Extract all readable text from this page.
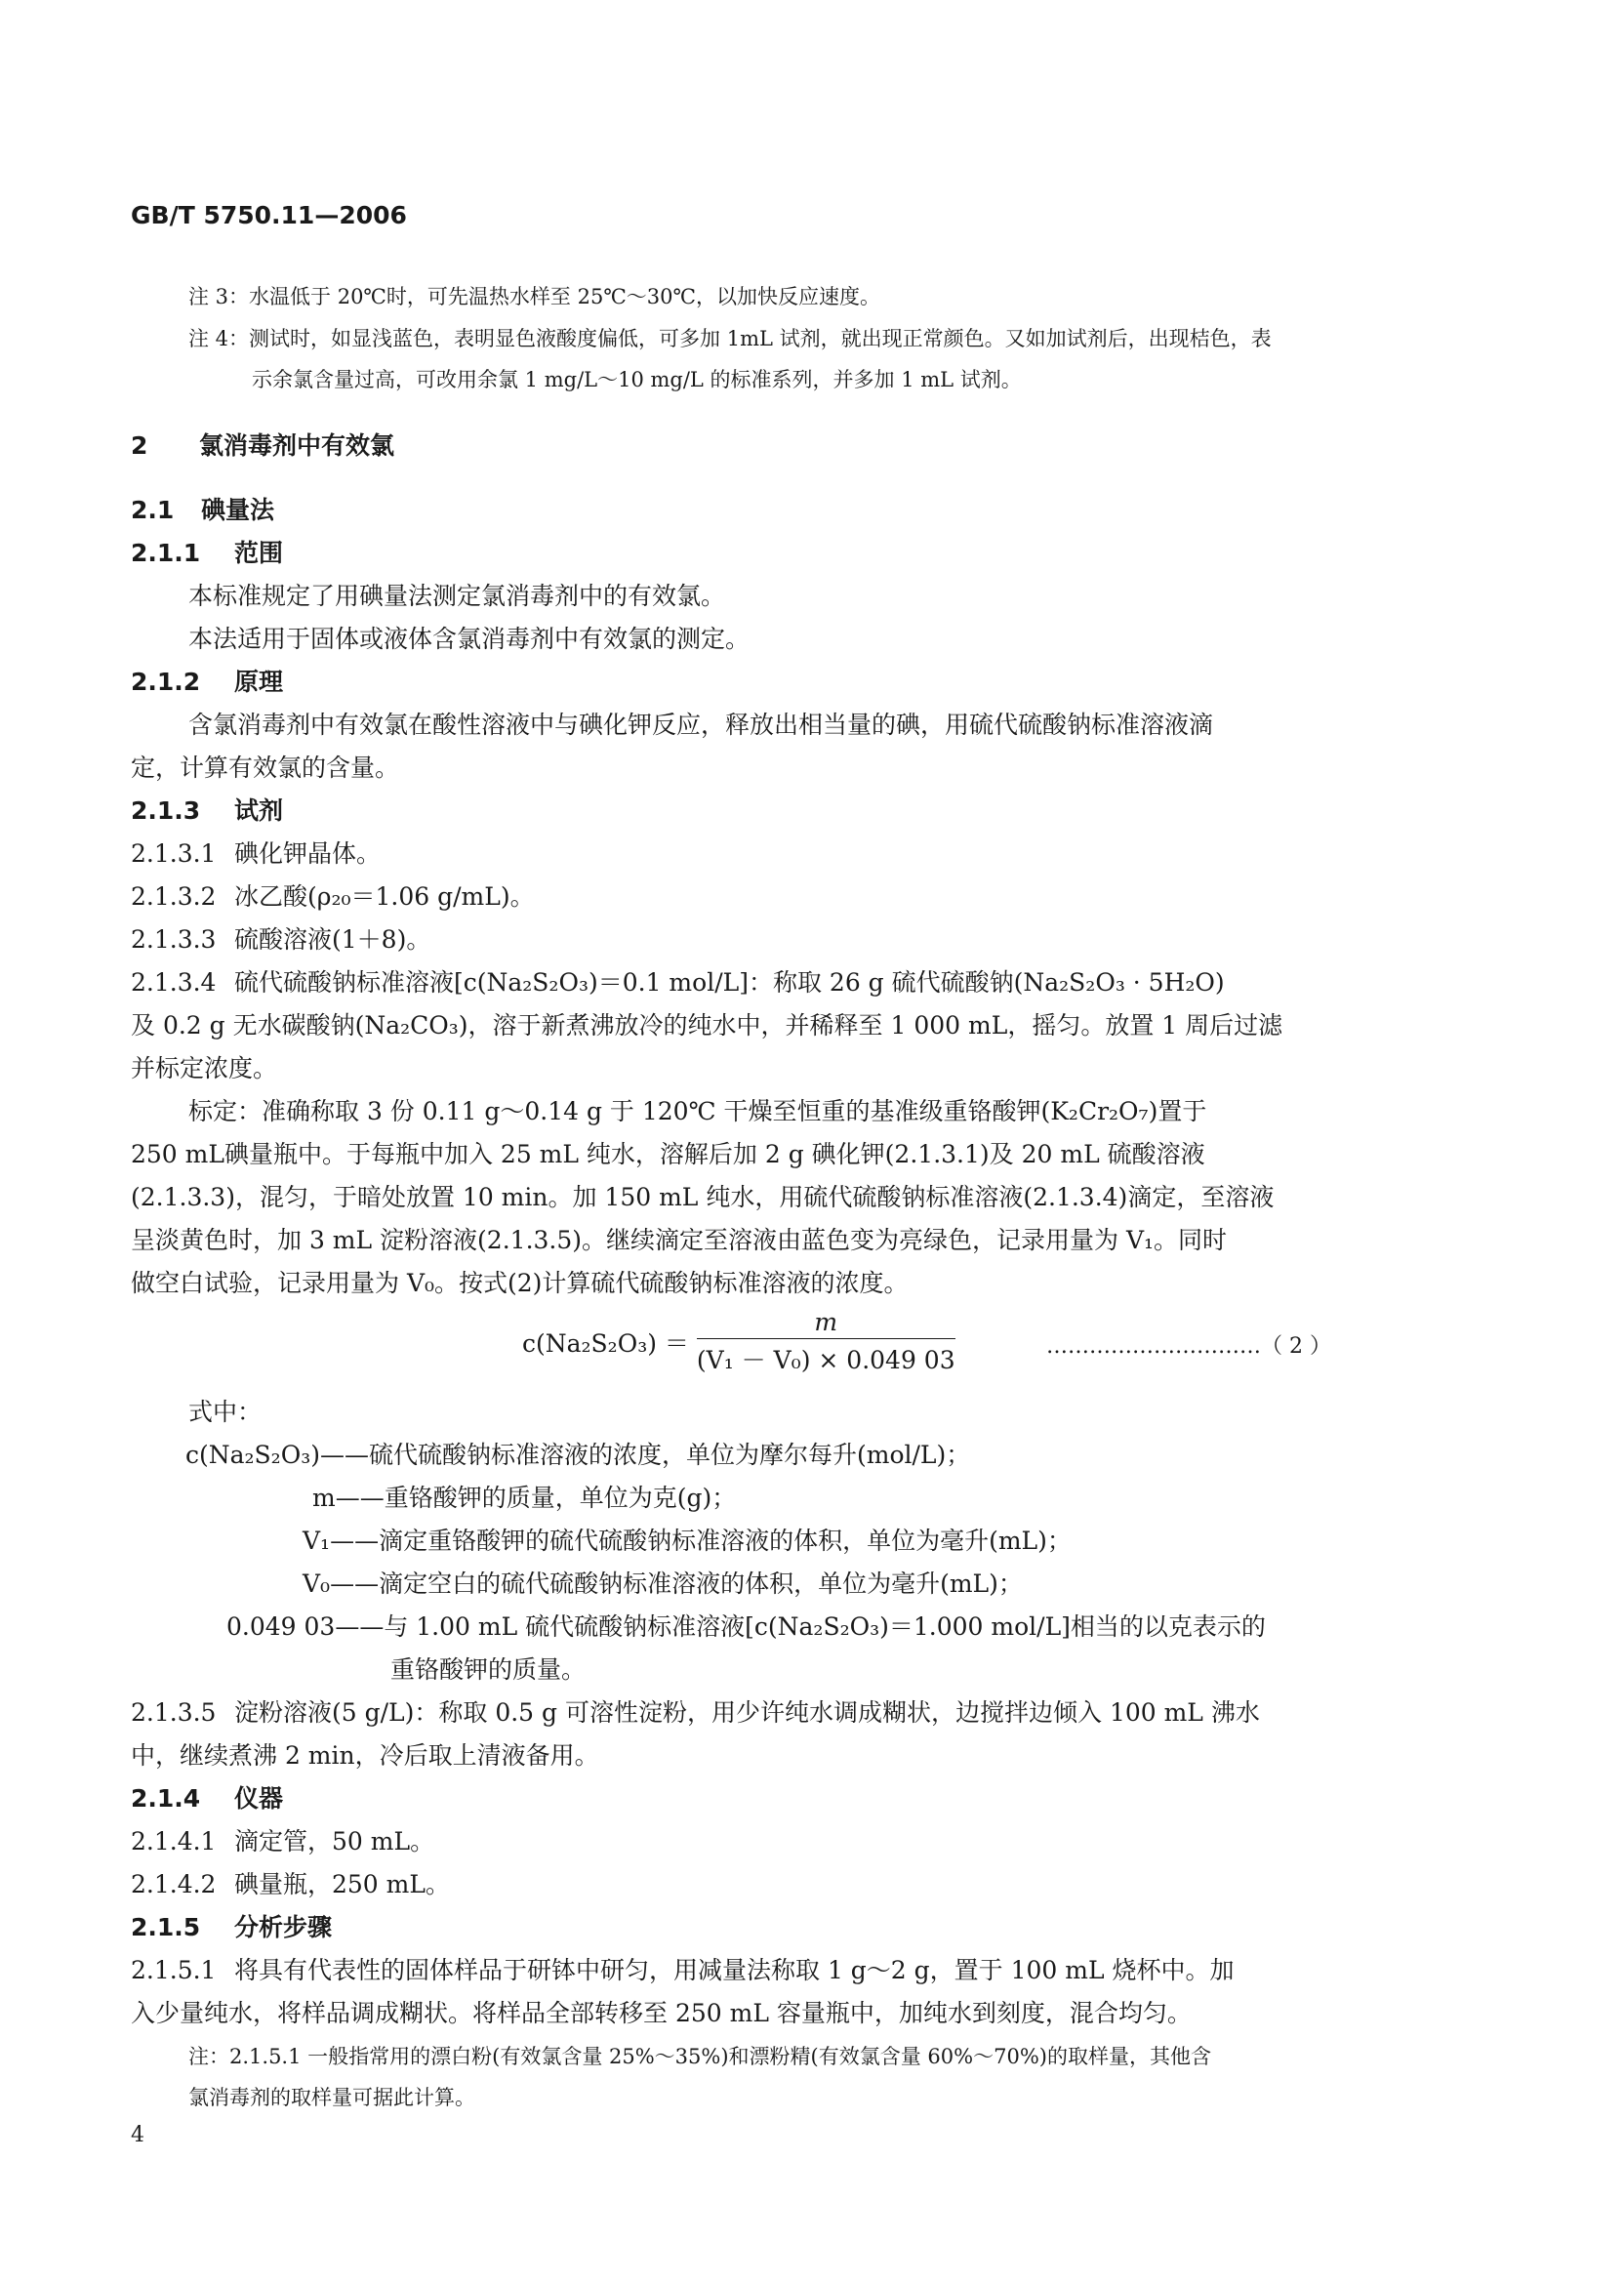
GB/T 5750.11—2006
注 3：水温低于 20℃时，可先温热水样至 25℃～30℃，以加快反应速度。
注 4：测试时，如显浅蓝色，表明显色液酸度偏低，可多加 1mL 试剂，就出现正常颜色。又如加试剂后，出现桔色，表
示余氯含量过高，可改用余氯 1 mg/L～10 mg/L 的标准系列，并多加 1 mL 试剂。
2 氯消毒剂中有效氯
2.1 碘量法
2.1.1 范围
本标准规定了用碘量法测定氯消毒剂中的有效氯。
本法适用于固体或液体含氯消毒剂中有效氯的测定。
2.1.2 原理
含氯消毒剂中有效氯在酸性溶液中与碘化钾反应，释放出相当量的碘，用硫代硫酸钠标准溶液滴
定，计算有效氯的含量。
2.1.3 试剂
2.1.3.1 碘化钾晶体。
2.1.3.2 冰乙酸(ρ₂₀＝1.06 g/mL)。
2.1.3.3 硫酸溶液(1＋8)。
2.1.3.4 硫代硫酸钠标准溶液[c(Na₂S₂O₃)＝0.1 mol/L]：称取 26 g 硫代硫酸钠(Na₂S₂O₃ · 5H₂O)
及 0.2 g 无水碳酸钠(Na₂CO₃)，溶于新煮沸放冷的纯水中，并稀释至 1 000 mL，摇匀。放置 1 周后过滤
并标定浓度。
标定：准确称取 3 份 0.11 g～0.14 g 于 120℃ 干燥至恒重的基准级重铬酸钾(K₂Cr₂O₇)置于
250 mL碘量瓶中。于每瓶中加入 25 mL 纯水，溶解后加 2 g 碘化钾(2.1.3.1)及 20 mL 硫酸溶液
(2.1.3.3)，混匀，于暗处放置 10 min。加 150 mL 纯水，用硫代硫酸钠标准溶液(2.1.3.4)滴定，至溶液
呈淡黄色时，加 3 mL 淀粉溶液(2.1.3.5)。继续滴定至溶液由蓝色变为亮绿色，记录用量为 V₁。同时
做空白试验，记录用量为 V₀。按式(2)计算硫代硫酸钠标准溶液的浓度。
$c(Na_2S_2O_3) = \frac{m}{\text{(V₁ － V₀) × 0.049 03}}$	…………………………（ 2 ）
式中：
c(Na₂S₂O₃)——硫代硫酸钠标准溶液的浓度，单位为摩尔每升(mol/L)；
m——重铬酸钾的质量，单位为克(g)；
V₁——滴定重铬酸钾的硫代硫酸钠标准溶液的体积，单位为毫升(mL)；
V₀——滴定空白的硫代硫酸钠标准溶液的体积，单位为毫升(mL)；
0.049 03——与 1.00 mL 硫代硫酸钠标准溶液[c(Na₂S₂O₃)＝1.000 mol/L]相当的以克表示的
重铬酸钾的质量。
2.1.3.5 淀粉溶液(5 g/L)：称取 0.5 g 可溶性淀粉，用少许纯水调成糊状，边搅拌边倾入 100 mL 沸水
中，继续煮沸 2 min，冷后取上清液备用。
2.1.4 仪器
2.1.4.1 滴定管，50 mL。
2.1.4.2 碘量瓶，250 mL。
2.1.5 分析步骤
2.1.5.1 将具有代表性的固体样品于研钵中研匀，用减量法称取 1 g～2 g，置于 100 mL 烧杯中。加
入少量纯水，将样品调成糊状。将样品全部转移至 250 mL 容量瓶中，加纯水到刻度，混合均匀。
注：2.1.5.1 一般指常用的漂白粉(有效氯含量 25%～35%)和漂粉精(有效氯含量 60%～70%)的取样量，其他含
氯消毒剂的取样量可据此计算。
4
